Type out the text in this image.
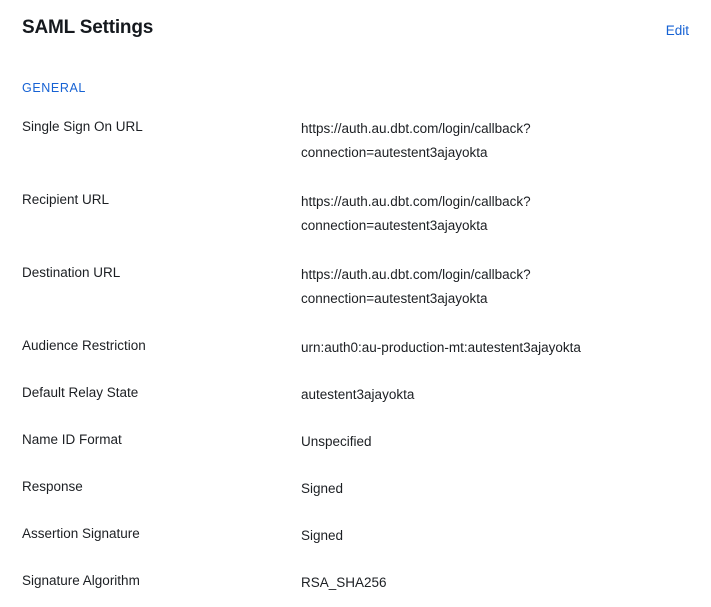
SAML Settings	Edit
GENERAL
Single Sign On URL	https://auth.au.dbt.com/login/callback?connection=autestent3ajayokta
Recipient URL	https://auth.au.dbt.com/login/callback?connection=autestent3ajayokta
Destination URL	https://auth.au.dbt.com/login/callback?connection=autestent3ajayokta
Audience Restriction	urn:auth0:au-production-mt:autestent3ajayokta
Default Relay State	autestent3ajayokta
Name ID Format	Unspecified
Response	Signed
Assertion Signature	Signed
Signature Algorithm	RSA_SHA256
